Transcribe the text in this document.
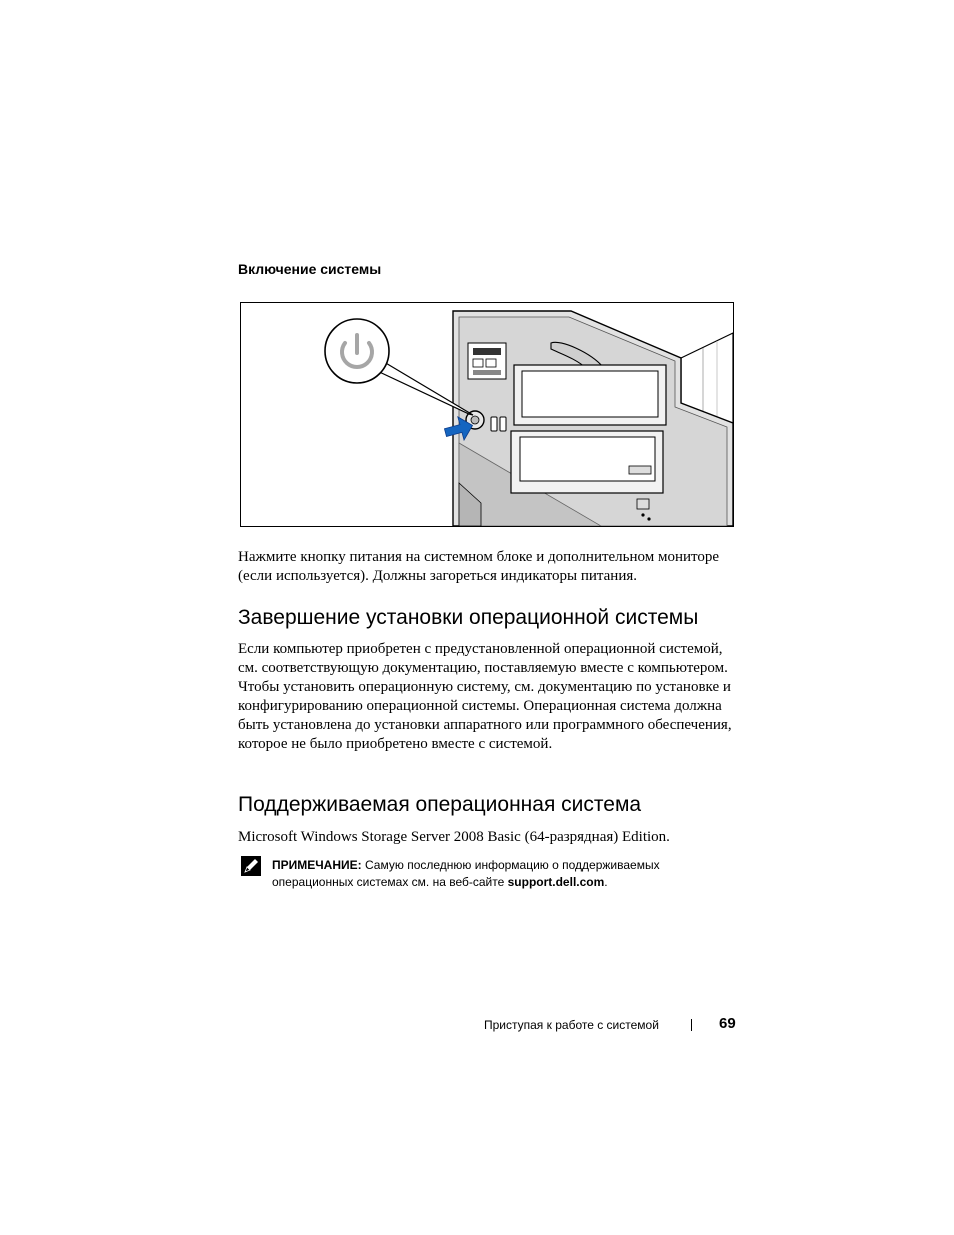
Включение системы

Нажмите кнопку питания на системном блоке и дополнительном мониторе (если используется). Должны загореться индикаторы питания.

Завершение установки операционной системы

Если компьютер приобретен с предустановленной операционной системой, см. соответствующую документацию, поставляемую вместе с компьютером. Чтобы установить операционную систему, см. документацию по установке и конфигурированию операционной системы. Операционная система должна быть установлена до установки аппаратного или программного обеспечения, которое не было приобретено вместе с системой.

Поддерживаемая операционная система

Microsoft Windows Storage Server 2008 Basic (64-разрядная) Edition.

ПРИМЕЧАНИЕ: Самую последнюю информацию о поддерживаемых операционных системах см. на веб-сайте support.dell.com.

Приступая к работе с системой	69
